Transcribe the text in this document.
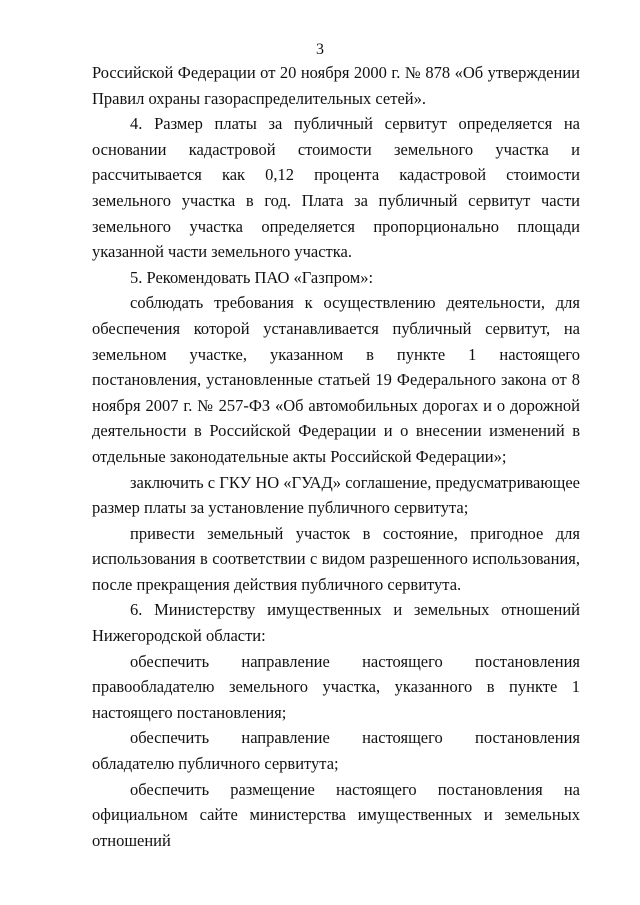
3

Российской Федерации от 20 ноября 2000 г. № 878 «Об утверждении Правил охраны газораспределительных сетей».

4. Размер платы за публичный сервитут определяется на основании кадастровой стоимости земельного участка и рассчитывается как 0,12 процента кадастровой стоимости земельного участка в год. Плата за публичный сервитут части земельного участка определяется пропорционально площади указанной части земельного участка.

5. Рекомендовать ПАО «Газпром»:

соблюдать требования к осуществлению деятельности, для обеспечения которой устанавливается публичный сервитут, на земельном участке, указанном в пункте 1 настоящего постановления, установленные статьей 19 Федерального закона от 8 ноября 2007 г. № 257-ФЗ «Об автомобильных дорогах и о дорожной деятельности в Российской Федерации и о внесении изменений в отдельные законодательные акты Российской Федерации»;

заключить с ГКУ НО «ГУАД» соглашение, предусматривающее размер платы за установление публичного сервитута;

привести земельный участок в состояние, пригодное для использования в соответствии с видом разрешенного использования, после прекращения действия публичного сервитута.

6. Министерству имущественных и земельных отношений Нижегородской области:

обеспечить направление настоящего постановления правообладателю земельного участка, указанного в пункте 1 настоящего постановления;

обеспечить направление настоящего постановления обладателю публичного сервитута;

обеспечить размещение настоящего постановления на официальном сайте министерства имущественных и земельных отношений
